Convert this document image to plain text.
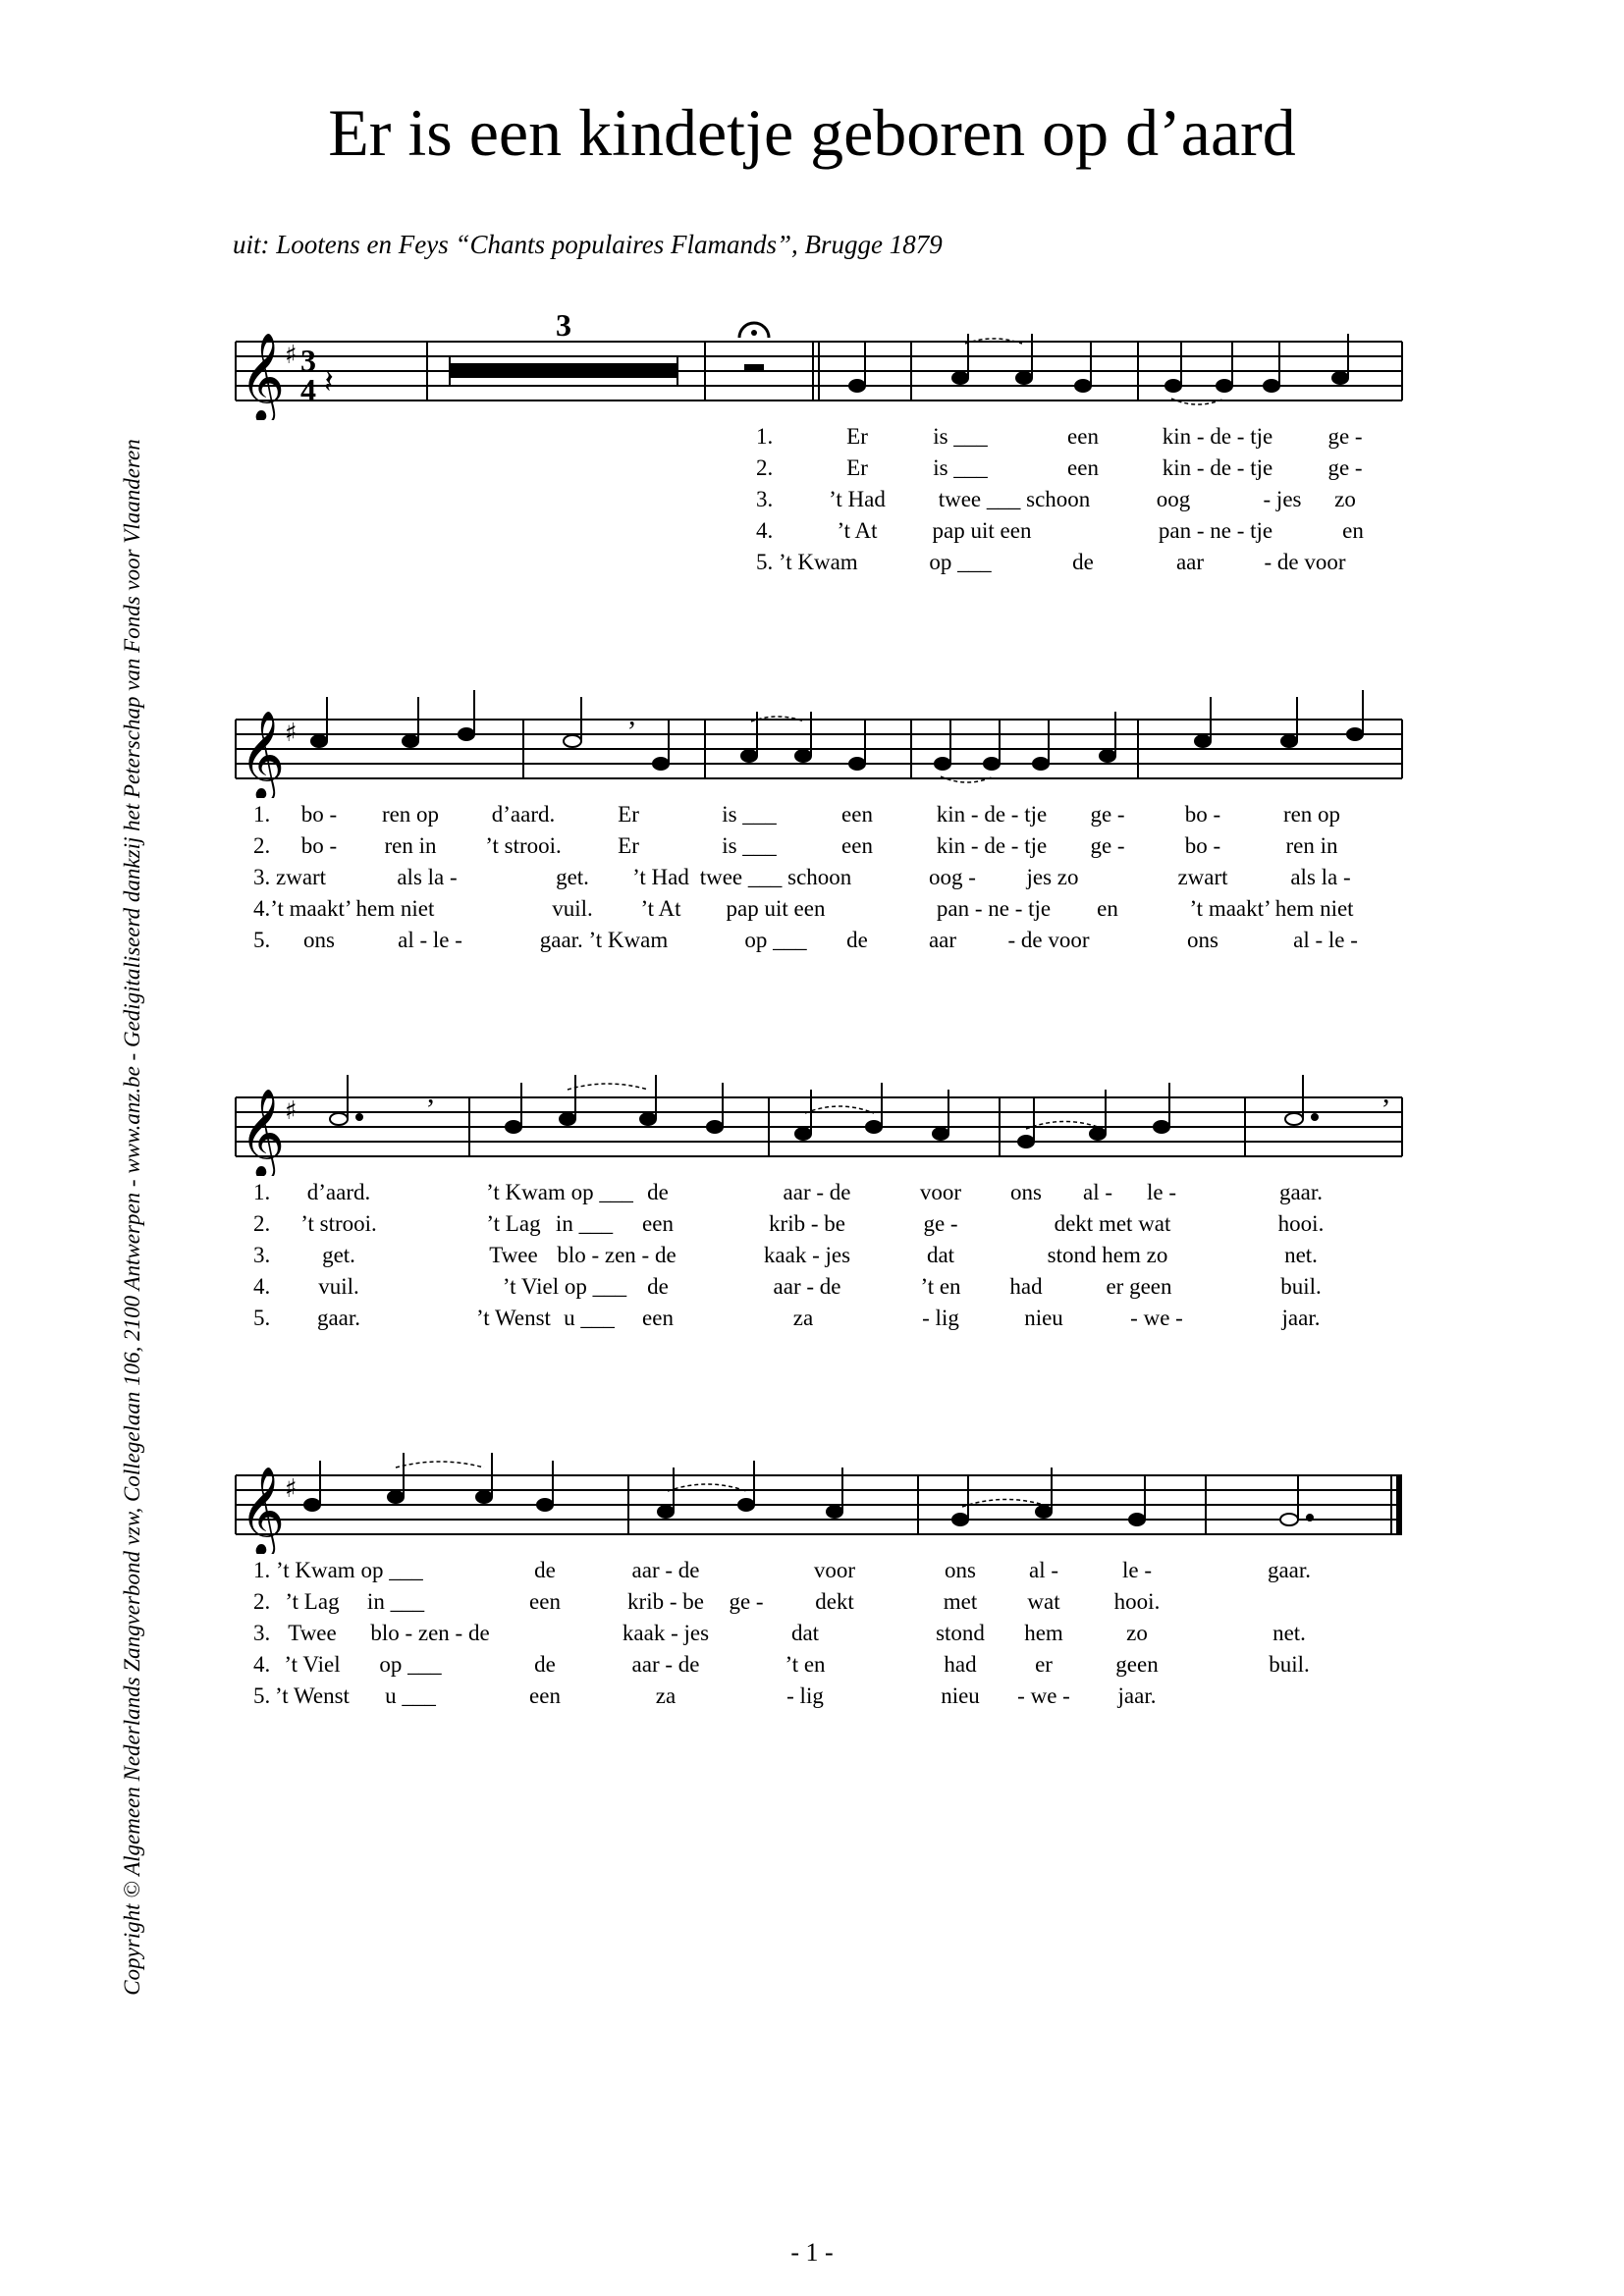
Er is een kindetje geboren op d’aard
uit: Lootens en Feys “Chants populaires Flamands”, Brugge 1879
Copyright © Algemeen Nederlands Zangverbond vzw, Collegelaan 106, 2100 Antwerpen - www.anz.be - Gedigitaliseerd dankzij het Peterschap van Fonds voor Vlaanderen
𝄞 ♯ 3
4 𝄽
3
1.	Er	is ___	een	kin - de - tje ge -
2.	Er	is ___	een	kin - de - tje ge -
3. ’t Had twee ___ schoon	oog	- jes zo
4.	’t At pap uit een	pan - ne - tje	en
5. ’t Kwam	op ___	de	aar	- de voor
𝄞 ♯
,
1. bo - ren op d’aard.	Er	is ___	een	kin - de - tje ge -	bo -	ren op
2. bo - ren in ’t strooi. Er	is ___	een	kin - de - tje ge -	bo -	ren in
3. zwart	als la -	get. ’t Had twee ___ schoon	oog - jes zo	zwart	als la -
4.’t maakt’ hem niet	vuil. ’t At pap uit een	pan - ne - tje en	’t maakt’ hem niet
5. ons	al - le -	gaar. ’t Kwam	op ___ de	aar - de voor	ons	al - le -
𝄞 ♯
,	,
1. d’aard.	’t Kwam op ___ de	aar - de	voor ons al - le -	gaar.
2. ’t strooi.	’t Lag in ___ een	krib - be	ge -	dekt met wat	hooi.
3. get.	Twee blo - zen - de	kaak - jes	dat	stond hem zo	net.
4. vuil.	’t Viel op ___ de	aar - de	’t en had	er geen	buil.
5. gaar.	’t Wenst u ___ een	za	- lig	nieu	- we -	jaar.
𝄞 ♯
1. ’t Kwam op ___	de	aar - de	voor	ons al -	le -	gaar.
2. ’t Lag in ___	een	krib - be ge - dekt	met wat hooi.
3. Twee blo - zen - de	kaak - jes	dat	stond hem	zo	net.
4. ’t Viel op ___	de	aar - de	’t en	had	er	geen	buil.
5. ’t Wenst u ___	een	za	- lig	nieu - we - jaar.
- 1 -
